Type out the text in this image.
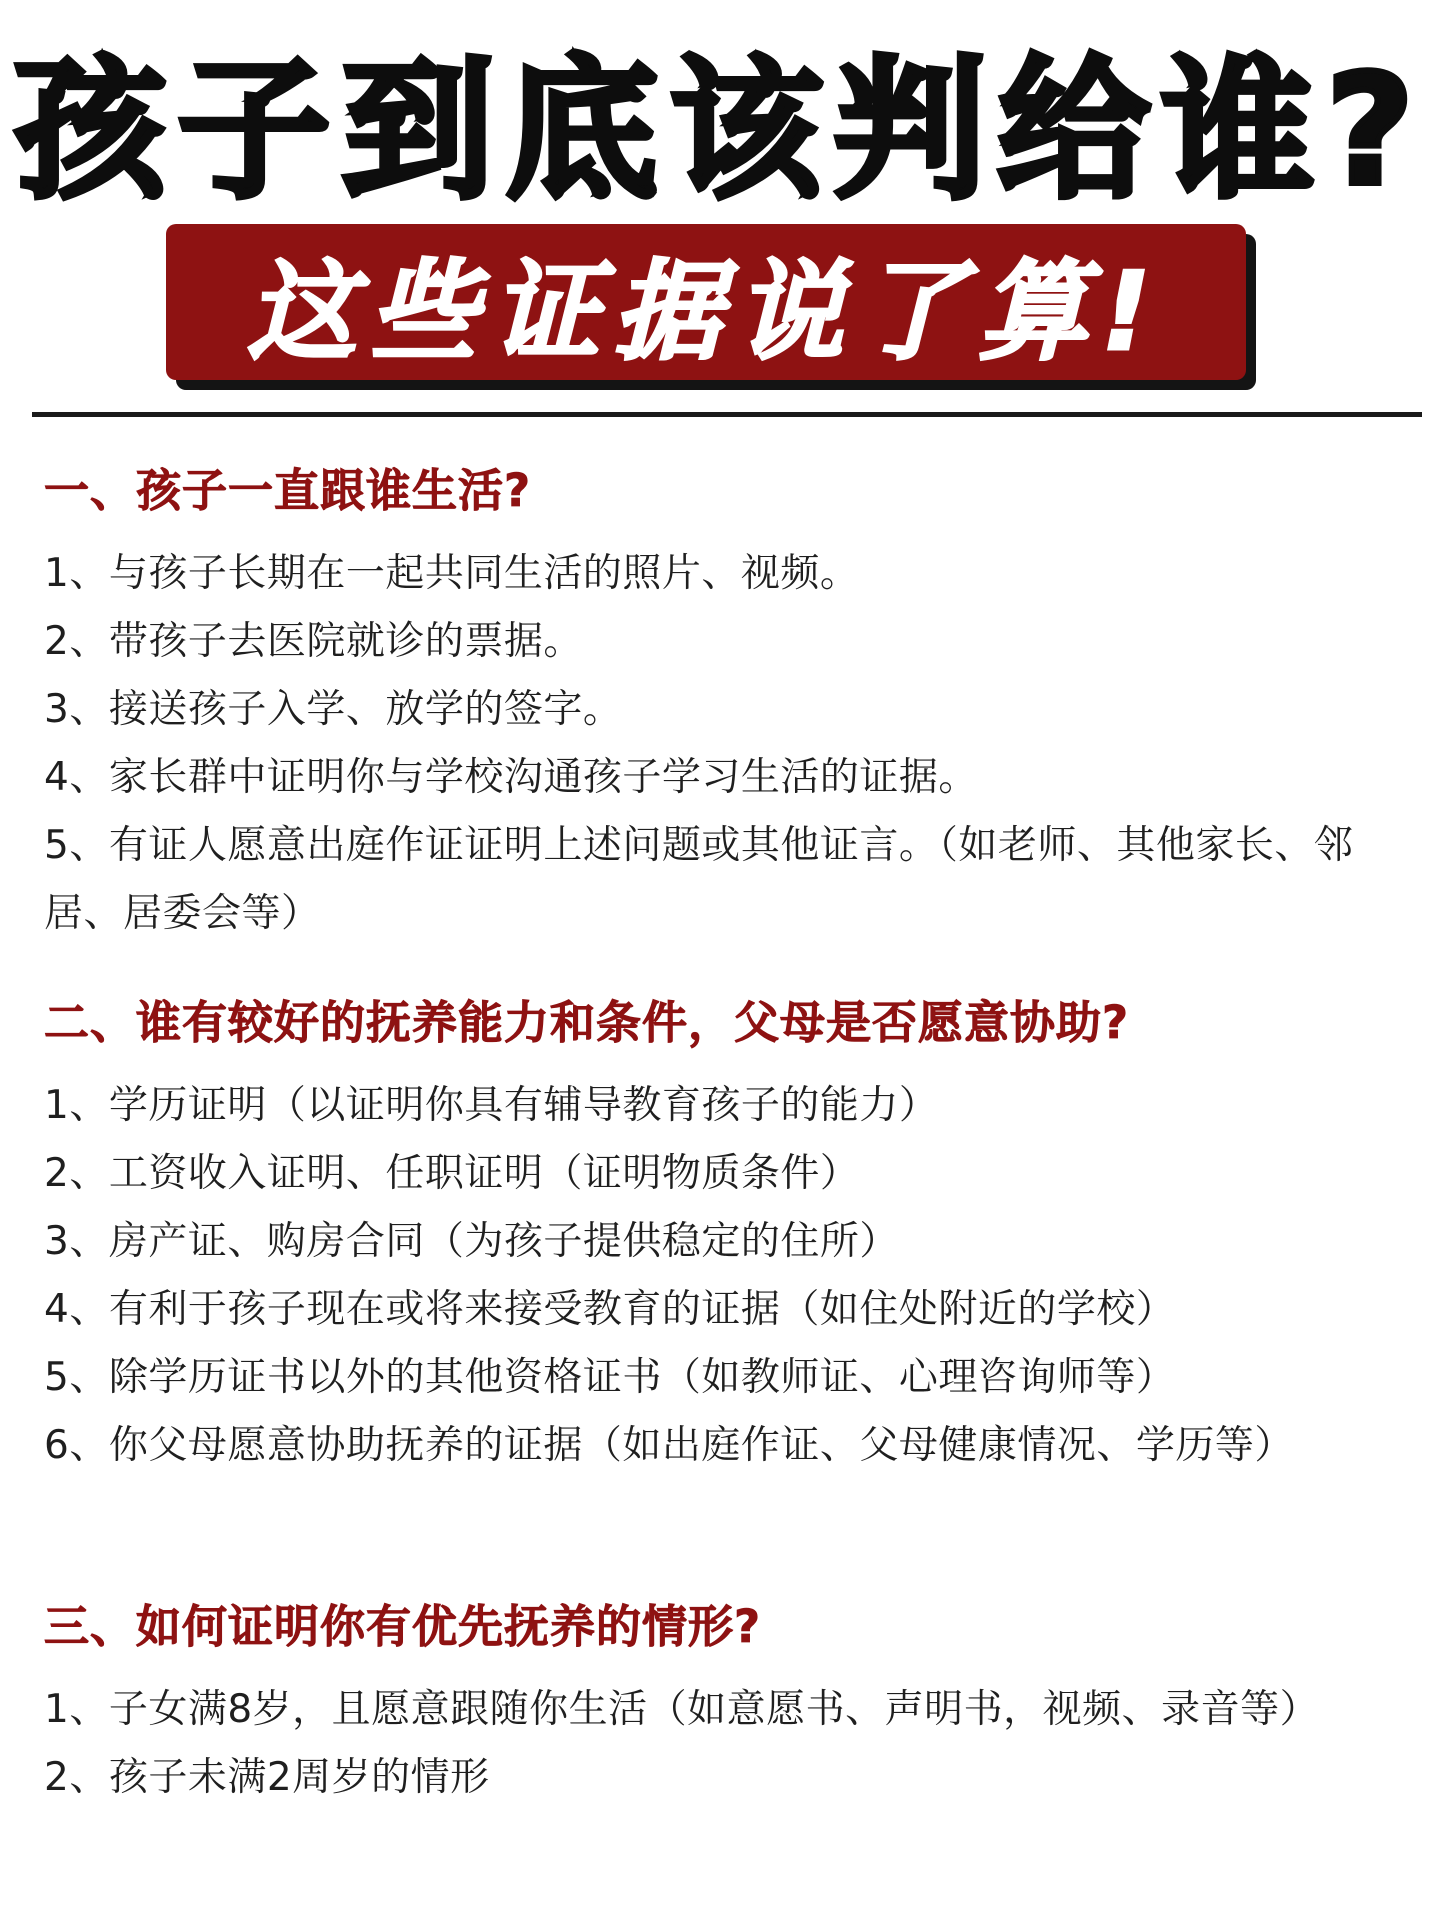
孩子到底该判给谁?
这些证据说了算!
一、孩子一直跟谁生活?
1、与孩子长期在一起共同生活的照片、视频。
2、带孩子去医院就诊的票据。
3、接送孩子入学、放学的签字。
4、家长群中证明你与学校沟通孩子学习生活的证据。
5、有证人愿意出庭作证证明上述问题或其他证言。（如老师、其他家长、邻居、居委会等）
二、谁有较好的抚养能力和条件，父母是否愿意协助?
1、学历证明（以证明你具有辅导教育孩子的能力）
2、工资收入证明、任职证明（证明物质条件）
3、房产证、购房合同（为孩子提供稳定的住所）
4、有利于孩子现在或将来接受教育的证据（如住处附近的学校）
5、除学历证书以外的其他资格证书（如教师证、心理咨询师等）
6、你父母愿意协助抚养的证据（如出庭作证、父母健康情况、学历等）
三、如何证明你有优先抚养的情形?
1、子女满8岁，且愿意跟随你生活（如意愿书、声明书，视频、录音等）
2、孩子未满2周岁的情形
